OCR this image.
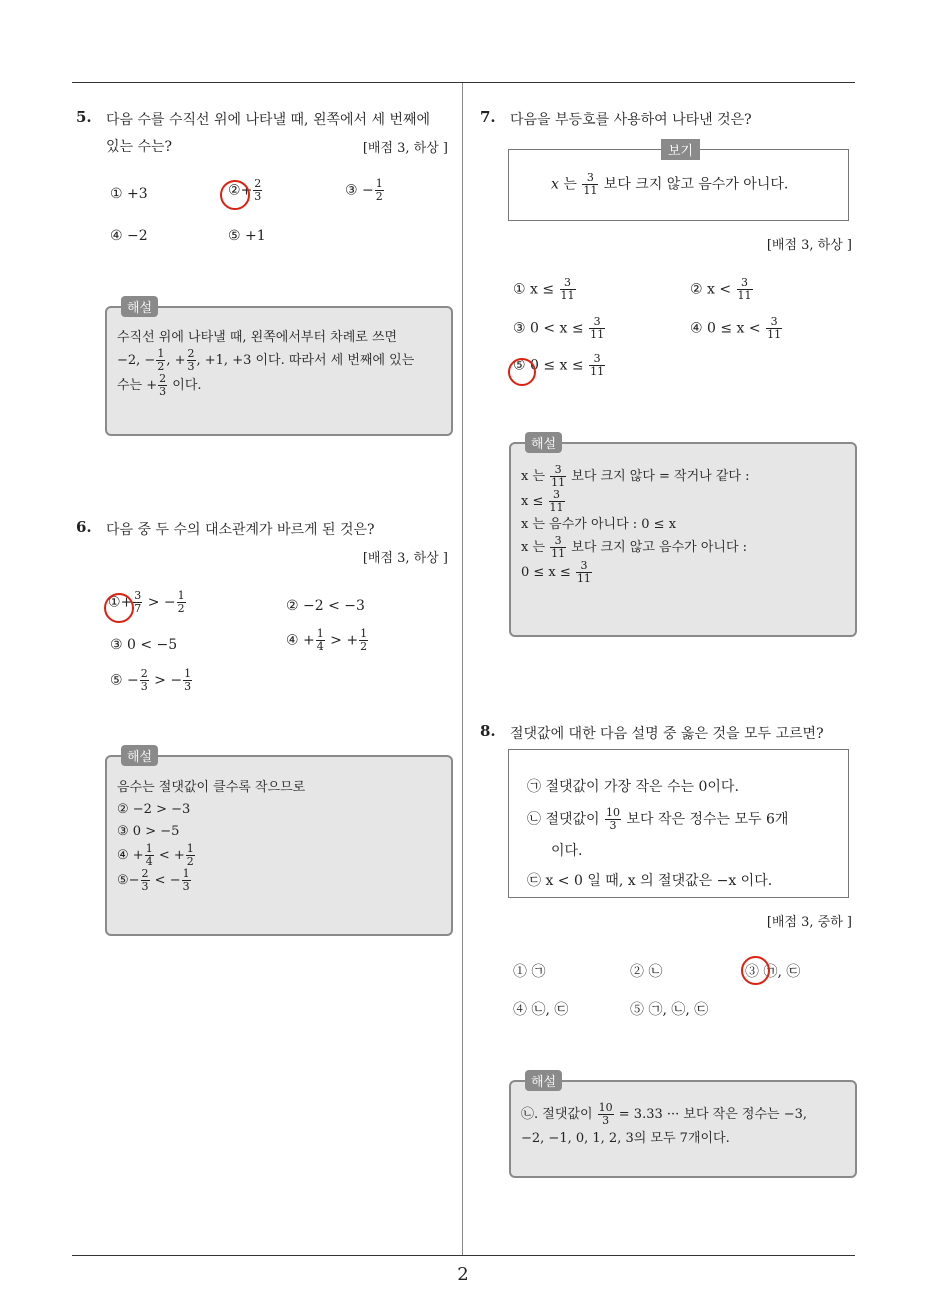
2
5. 다음 수를 수직선 위에 나타낼 때, 왼쪽에서 세 번째에
있는 수는?	[배점 3, 하상 ]
① +3	②+ $\frac{2}{3}$	③ − $\frac{1}{2}$
④ −2	⑤ +1
해설
수직선 위에 나타낼 때, 왼쪽에서부터 차례로 쓰면
−2, − $\frac{1}{2}$ , + $\frac{2}{3}$ , +1, +3 이다. 따라서 세 번째에 있는
수는 + $\frac{2}{3}$ 이다.
6. 다음 중 두 수의 대소관계가 바르게 된 것은?
[배점 3, 하상 ]
①+ $\frac{3}{7}$ > − $\frac{1}{2}$	② −2 < −3
③ 0 < −5	④ + $\frac{1}{4}$ > + $\frac{1}{2}$
⑤ − $\frac{2}{3}$ > − $\frac{1}{3}$
해설
음수는 절댓값이 클수록 작으므로
② −2 > −3
③ 0 > −5
④ + $\frac{1}{4}$ < + $\frac{1}{2}$
⑤− $\frac{2}{3}$ < − $\frac{1}{3}$
7. 다음을 부등호를 사용하여 나타낸 것은?
보기
x 는 $\frac{3}{11}$ 보다 크지 않고 음수가 아니다.
[배점 3, 하상 ]
① $x \le \frac{3}{11}$	② $x < \frac{3}{11}$
③ $0 < x \le \frac{3}{11}$	④ $0 \le x < \frac{3}{11}$
⑤ $0 \le x \le \frac{3}{11}$
해설
x 는 $\frac{3}{11}$ 보다 크지 않다 = 작거나 같다 :
$x \le \frac{3}{11}$
x 는 음수가 아니다 : 0 ≤ x
x 는 $\frac{3}{11}$ 보다 크지 않고 음수가 아니다 :
$0 \le x \le \frac{3}{11}$
8. 절댓값에 대한 다음 설명 중 옳은 것을 모두 고르면?
㉠ 절댓값이 가장 작은 수는 0이다.
㉡ 절댓값이 $\frac{10}{3}$ 보다 작은 정수는 모두 6개
이다.
㉢ x < 0 일 때, x 의 절댓값은 −x 이다.
[배점 3, 중하 ]
① ㉠	② ㉡	③ ㉠, ㉢
④ ㉡, ㉢	⑤ ㉠, ㉡, ㉢
해설
㉡. 절댓값이 $\frac{10}{3} = 3.33$ ··· 보다 작은 정수는 −3,
−2, −1, 0, 1, 2, 3의 모두 7개이다.
